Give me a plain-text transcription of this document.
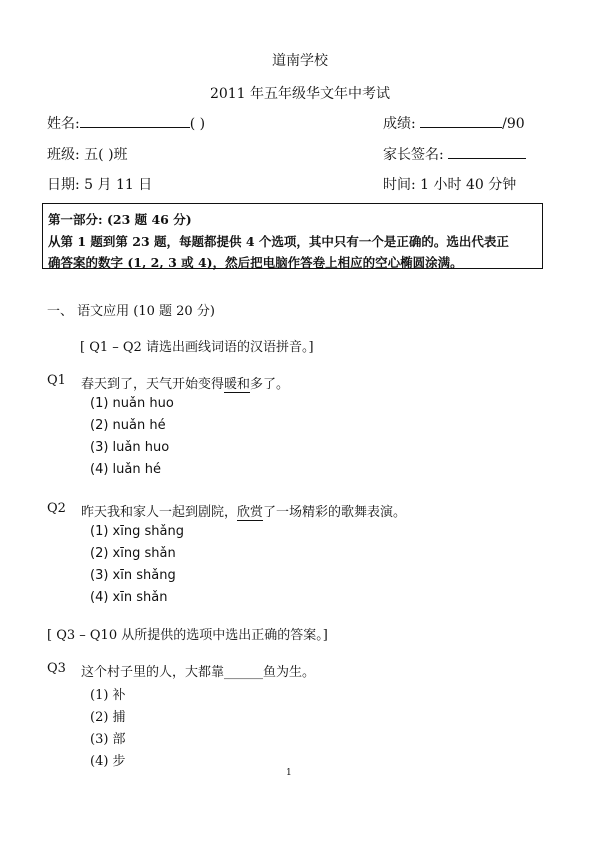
道南学校
2011 年五年级华文年中考试
姓名:	( )	成绩:	/90
班级: 五( )班	家长签名:
日期: 5 月 11 日	时间: 1 小时 40 分钟
第一部分: (23 题 46 分)
从第 1 题到第 23 题，每题都提供 4 个选项，其中只有一个是正确的。选出代表正
确答案的数字 (1, 2, 3 或 4)，然后把电脑作答卷上相应的空心椭圆涂满。
一、 语文应用 (10 题 20 分)
[ Q1 – Q2 请选出画线词语的汉语拼音。]
Q1 春天到了，天气开始变得暖和多了。
(1) nuǎn huo
(2) nuǎn hé
(3) luǎn huo
(4) luǎn hé
Q2 昨天我和家人一起到剧院，欣赏了一场精彩的歌舞表演。
(1) xīng shǎng
(2) xīng shǎn
(3) xīn shǎng
(4) xīn shǎn
[ Q3 – Q10 从所提供的选项中选出正确的答案。]
Q3 这个村子里的人，大都靠______鱼为生。
(1) 补
(2) 捕
(3) 部
(4) 步
1
